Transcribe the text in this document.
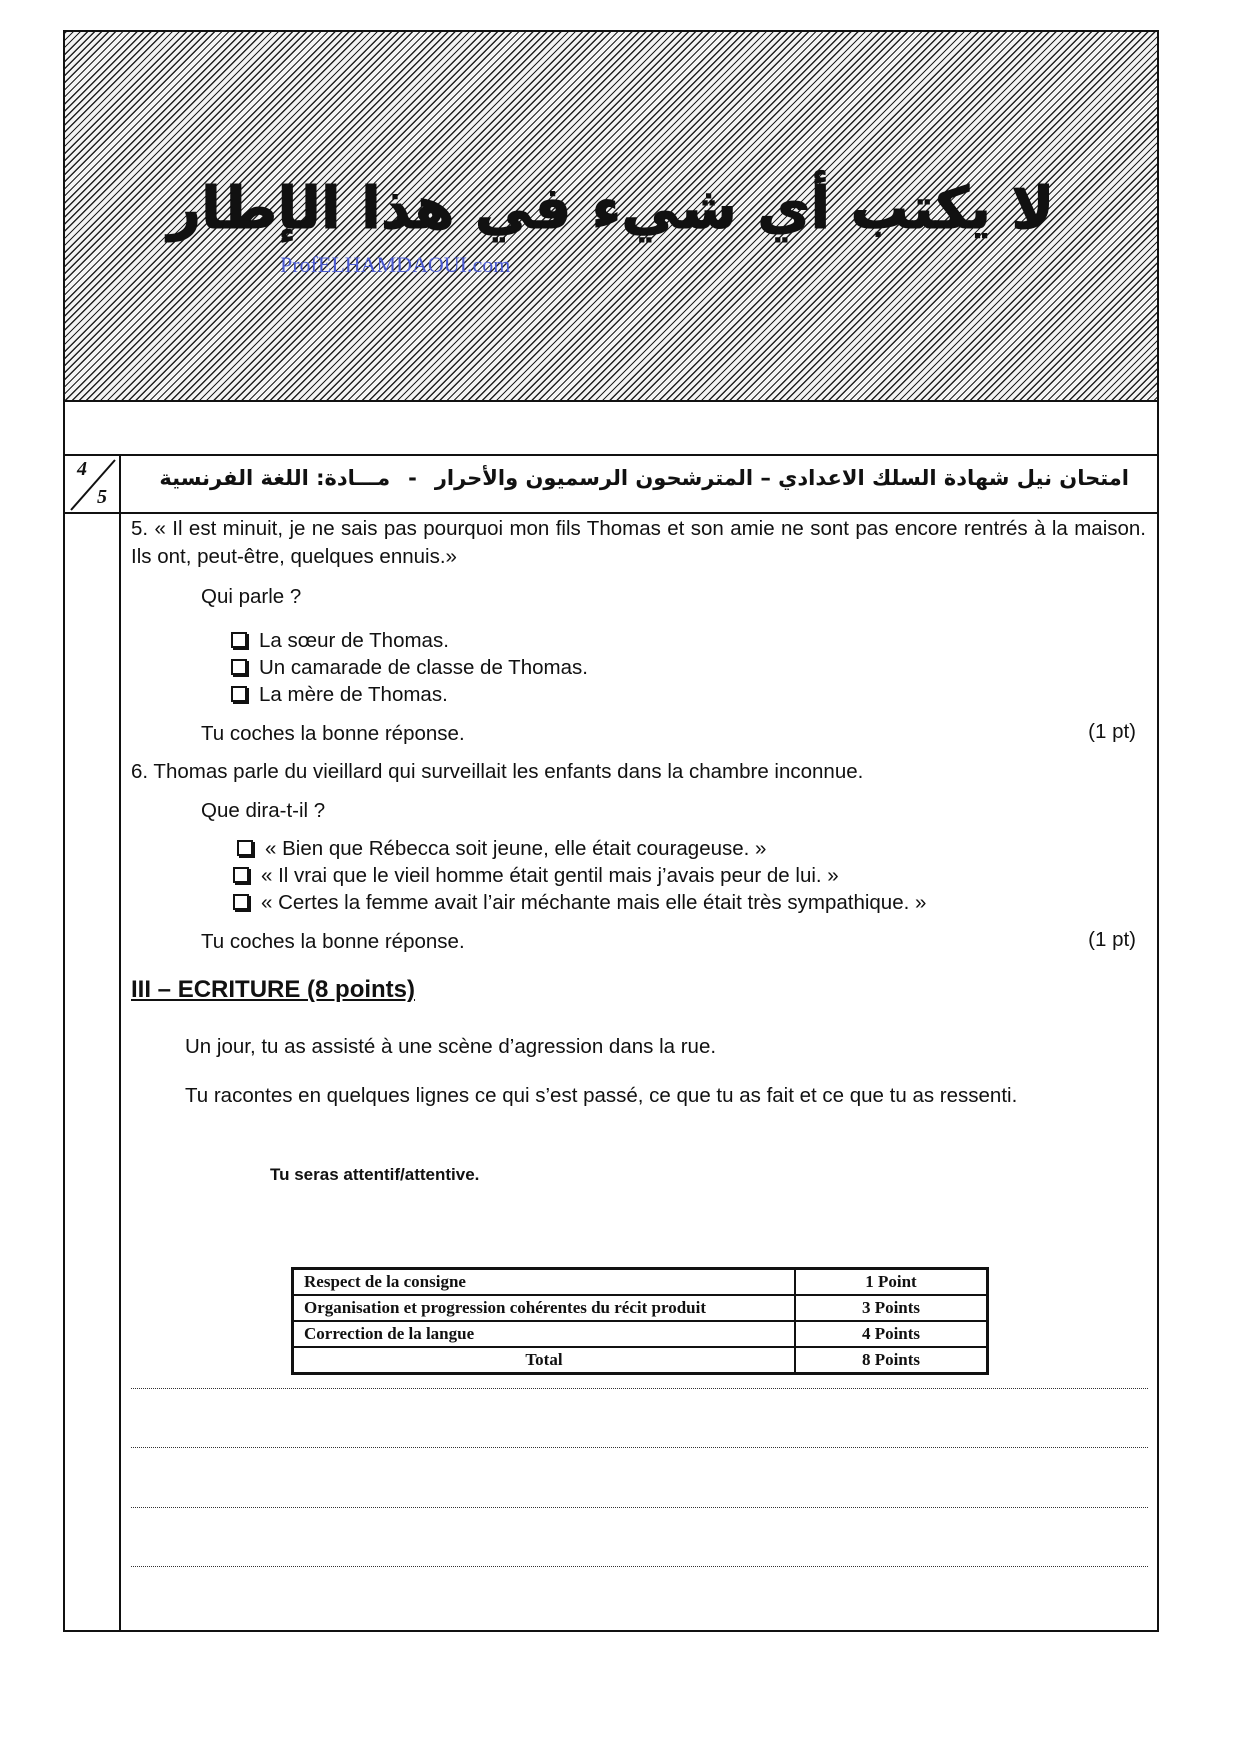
لا يكتب أي شيء في هذا الإطار
ProfELHAMDAOUI.com
4
5
امتحان نيل شهادة السلك الاعدادي – المترشحون الرسميون والأحرار-مـــادة: اللغة الفرنسية
5. « Il est minuit, je ne sais pas pourquoi mon fils Thomas et son amie ne sont pas encore rentrés à la maison. Ils ont, peut-être, quelques ennuis.»
Qui parle ?
La sœur de Thomas.
Un camarade de classe de Thomas.
La mère de Thomas.
Tu coches la bonne réponse.	(1 pt)
6. Thomas parle du vieillard qui surveillait les enfants dans la chambre inconnue.
Que dira-t-il ?
« Bien que Rébecca soit jeune, elle était courageuse. »
« Il vrai que le vieil homme était gentil mais j’avais peur de lui. »
« Certes la femme avait l’air méchante mais elle était très sympathique. »
Tu coches la bonne réponse.	(1 pt)
III – ECRITURE (8 points)
Un jour, tu as assisté à une scène d’agression dans la rue.
Tu racontes en quelques lignes ce qui s’est passé, ce que tu as fait et ce que tu as ressenti.
Tu seras attentif/attentive.
Respect de la consigne	1 Point
Organisation et progression cohérentes du récit produit	3 Points
Correction de la langue	4 Points
Total	8 Points
